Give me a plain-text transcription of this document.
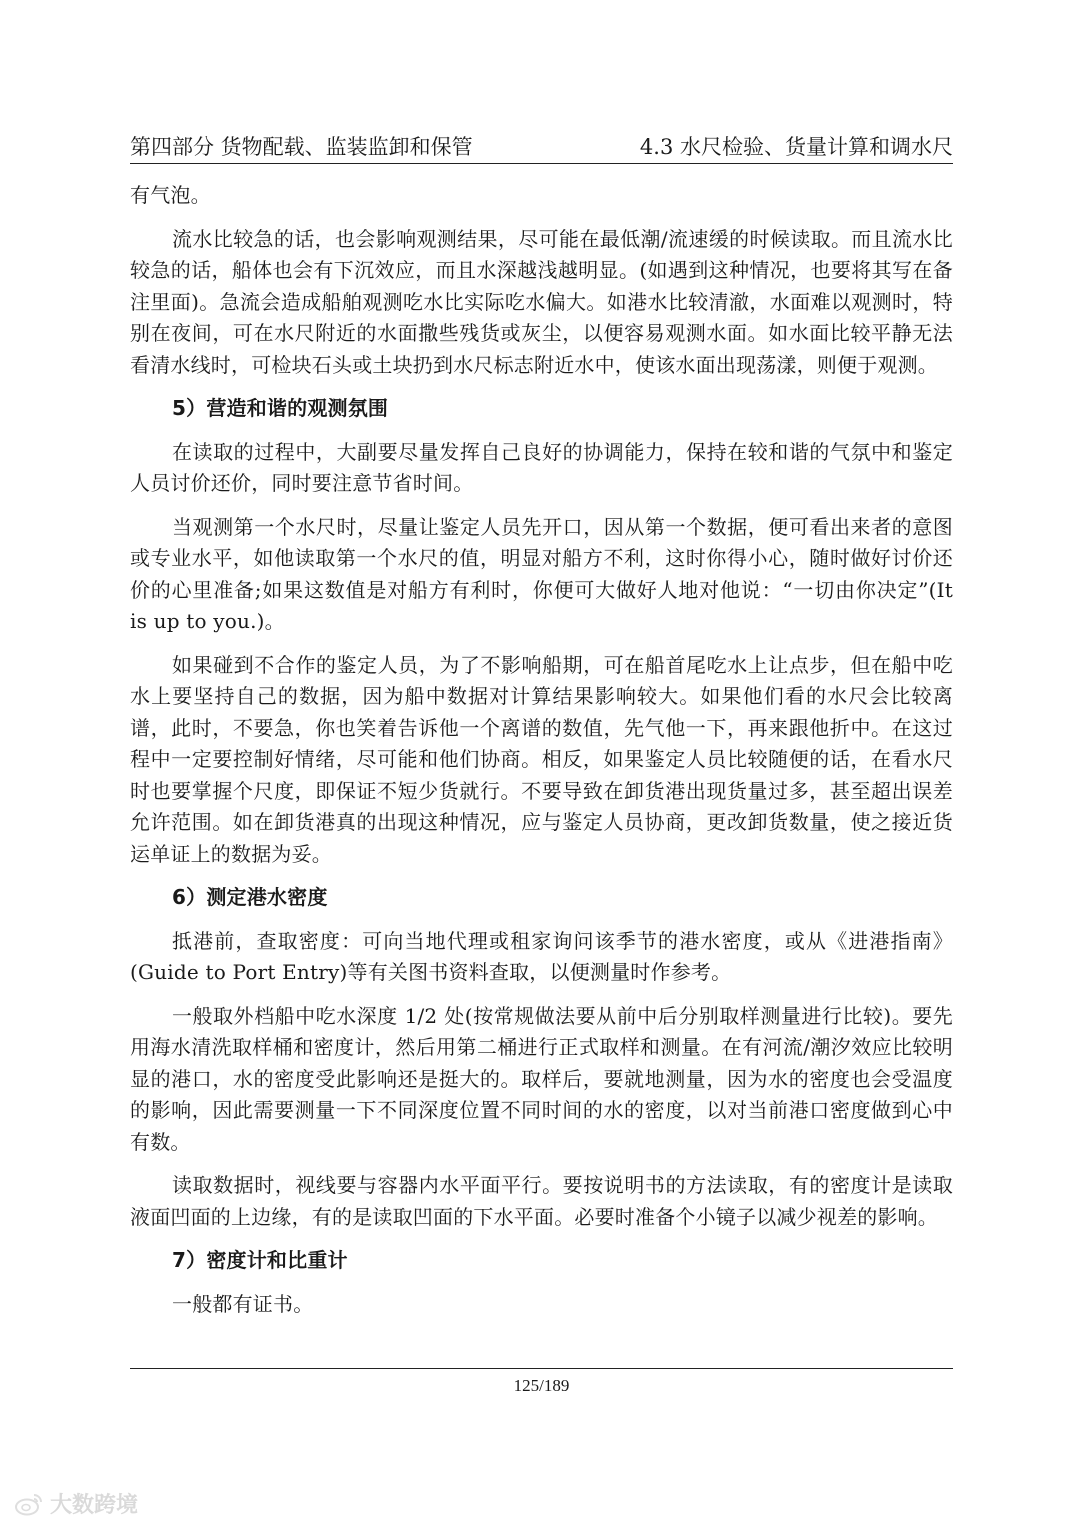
第四部分 货物配载、监装监卸和保管	4.3 水尺检验、货量计算和调水尺

有气泡。

流水比较急的话，也会影响观测结果，尽可能在最低潮/流速缓的时候读取。而且流水比较急的话，船体也会有下沉效应，而且水深越浅越明显。(如遇到这种情况，也要将其写在备注里面)。急流会造成船舶观测吃水比实际吃水偏大。如港水比较清澈，水面难以观测时，特别在夜间，可在水尺附近的水面撒些残货或灰尘，以便容易观测水面。如水面比较平静无法看清水线时，可检块石头或土块扔到水尺标志附近水中，使该水面出现荡漾，则便于观测。

5）营造和谐的观测氛围

在读取的过程中，大副要尽量发挥自己良好的协调能力，保持在较和谐的气氛中和鉴定人员讨价还价，同时要注意节省时间。

当观测第一个水尺时，尽量让鉴定人员先开口，因从第一个数据，便可看出来者的意图或专业水平，如他读取第一个水尺的值，明显对船方不利，这时你得小心，随时做好讨价还价的心里准备;如果这数值是对船方有利时，你便可大做好人地对他说：“一切由你决定”(It is up to you.)。

如果碰到不合作的鉴定人员，为了不影响船期，可在船首尾吃水上让点步，但在船中吃水上要坚持自己的数据，因为船中数据对计算结果影响较大。如果他们看的水尺会比较离谱，此时，不要急，你也笑着告诉他一个离谱的数值，先气他一下，再来跟他折中。在这过程中一定要控制好情绪，尽可能和他们协商。相反，如果鉴定人员比较随便的话，在看水尺时也要掌握个尺度，即保证不短少货就行。不要导致在卸货港出现货量过多，甚至超出误差允许范围。如在卸货港真的出现这种情况，应与鉴定人员协商，更改卸货数量，使之接近货运单证上的数据为妥。

6）测定港水密度

抵港前，查取密度：可向当地代理或租家询问该季节的港水密度，或从《进港指南》(Guide to Port Entry)等有关图书资料查取，以便测量时作参考。

一般取外档船中吃水深度 1/2 处(按常规做法要从前中后分别取样测量进行比较)。要先用海水清洗取样桶和密度计，然后用第二桶进行正式取样和测量。在有河流/潮汐效应比较明显的港口，水的密度受此影响还是挺大的。取样后，要就地测量，因为水的密度也会受温度的影响，因此需要测量一下不同深度位置不同时间的水的密度，以对当前港口密度做到心中有数。

读取数据时，视线要与容器内水平面平行。要按说明书的方法读取，有的密度计是读取液面凹面的上边缘，有的是读取凹面的下水平面。必要时准备个小镜子以减少视差的影响。

7）密度计和比重计

一般都有证书。

125/189
大数跨境
